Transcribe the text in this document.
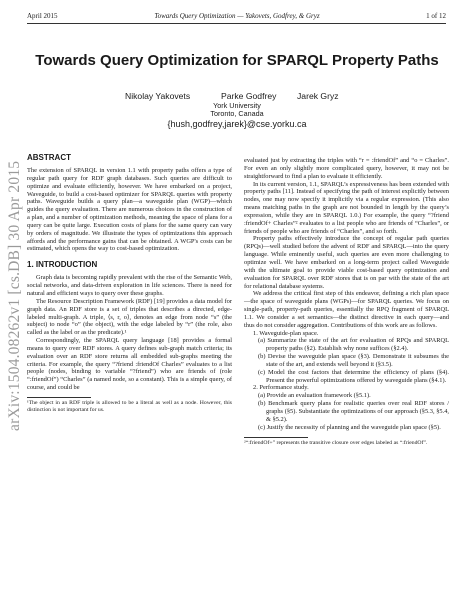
April 2015	Towards Query Optimization — Yakovets, Godfrey, & Gryz	1 of 12
arXiv:1504.08262v1 [cs.DB] 30 Apr 2015
Towards Query Optimization for SPARQL Property Paths
Nikolay Yakovets	Parke Godfrey Jarek Gryz
York University
Toronto, Canada
{hush,godfrey,jarek}@cse.yorku.ca
ABSTRACT

The extension of SPARQL in version 1.1 with property paths offers a type of regular path query for RDF graph databases. Such queries are difficult to optimize and evaluate efficiently, however. We have embarked on a project, Waveguide, to build a cost-based optimizer for SPARQL queries with property paths. Waveguide builds a query plan—a waveguide plan (WGP)—which guides the query evaluation. There are numerous choices in the construction of a plan, and a number of optimization methods, meaning the space of plans for a query can be quite large. Execution costs of plans for the same query can vary by orders of magnitude. We illustrate the types of optimizations this approach affords and the performance gains that can be obtained. A WGP's costs can be estimated, which opens the way to cost-based optimization.

1. INTRODUCTION

Graph data is becoming rapidly prevalent with the rise of the Semantic Web, social networks, and data-driven exploration in life sciences. There is need for natural and efficient ways to query over these graphs.

The Resource Description Framework (RDF) [19] provides a data model for graph data. An RDF store is a set of triples that describes a directed, edge-labeled multi-graph. A triple, ⟨s, r, o⟩, denotes an edge from node “s” (the subject) to node “o” (the object), with the edge labeled by “r” (the role, also called as the label or as the predicate).¹

Correspondingly, the SPARQL query language [18] provides a formal means to query over RDF stores. A query defines sub-graph match criteria; its evaluation over an RDF store returns all embedded sub-graphs meeting the criteria. For example, the query “?friend :friendOf Charles” evaluates to a list people (nodes, binding to variable “?friend”) who are friends of (role “:friendOf”) “Charles” (a named node, so a constant). This is a simple query, of course, and could be

¹The object in an RDF triple is allowed to be a literal as well as a node. However, this distinction is not important for us.

evaluated just by extracting the triples with “r = :friendOf” and “o = Charles”. For even an only slightly more complicated query, however, it may not be straightforward to find a plan to evaluate it efficiently.

In its current version, 1.1, SPARQL’s expressiveness has been extended with property paths [11]. Instead of specifying the path of interest explicitly between nodes, one may now specify it implicitly via a regular expression. (This also means matching paths in the graph are not bounded in length by the query’s expression, while they are in SPARQL 1.0.) For example, the query “?friend :friendOf+ Charles”² evaluates to a list people who are friends of “Charles”, or friends of people who are friends of “Charles”, and so forth.

Property paths effectively introduce the concept of regular path queries (RPQs)—well studied before the advent of RDF and SPARQL—into the query language. While eminently useful, such queries are even more challenging to optimize well. We have embarked on a long-term project called Waveguide with the ultimate goal to provide viable cost-based query optimization and evaluation for SPARQL over RDF stores that is on par with the state of the art for relational database systems.

We address the critical first step of this endeavor, defining a rich plan space—the space of waveguide plans (WGPs)—for SPARQL queries. We focus on single-path, property-path queries, essentially the RPQ fragment of SPARQL 1.1. We consider a set semantics—the distinct directive in each query—and thus do not consider aggregation. Contributions of this work are as follows.

1. Waveguide-plan space.
(a) Summarize the state of the art for evaluation of RPQs and SPARQL property paths (§2). Establish why none suffices (§2.4).
(b) Devise the waveguide plan space (§3). Demonstrate it subsumes the state of the art, and extends well beyond it (§3.5).
(c) Model the cost factors that determine the efficiency of plans (§4). Present the powerful optimizations offered by waveguide plans (§4.1).
2. Performance study.
(a) Provide an evaluation framework (§5.1).
(b) Benchmark query plans for realistic queries over real RDF stores / graphs (§5). Substantiate the optimizations of our approach (§5.3, §5.4, & §5.2).
(c) Justify the necessity of planning and the waveguide plan space (§5).
²“:friendOf+” represents the transitive closure over edges labeled as “:friendOf”.
